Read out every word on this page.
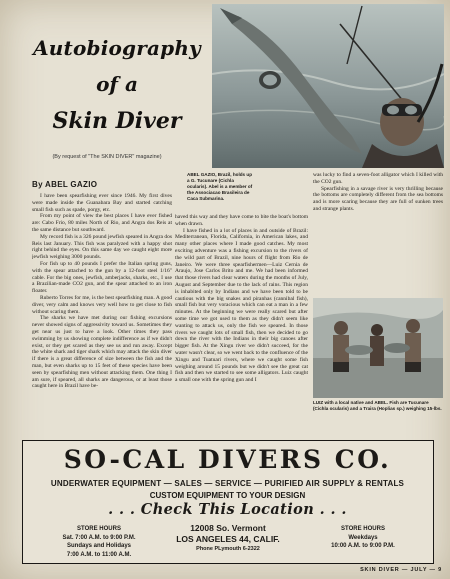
Autobiography
of a
Skin Diver
(By request of "The SKIN DIVER" magazine)
By ABEL GAZIO
ABEL GAZIO, Brazil, holds up a G. Tucunare (Cichla ocularis). Abel is a member of the Associacao Brasileira de Caca Submarina.

I have been spearfishing ever since 1946. My first dives were made inside the Guanabara Bay and started catching small fish such as spade, porgy, etc.

From my point of view the best places I have ever fished are: Cabo Frio, 80 miles North of Rio, and Angra dos Reis at the same distance but southward.

My record fish is a 326 pound jewfish speared in Angra dos Reis last January. This fish was paralyzed with a happy shot right behind the eyes. On this same day we caught eight more jewfish weighing 3000 pounds.

For fish up to 40 pounds I prefer the Italian spring guns, with the spear attached to the gun by a 12-foot steel 1/16" cable. For the big ones, jewfish, amberjacks, sharks, etc., I use a Brazilian-made CO2 gun, and the spear attached to an iron floater.

Ruberto Torres for me, is the best spearfishing man. A good diver, very calm and knows very well how to get close to fish without scaring them.

The sharks we have met during our fishing excursions never showed signs of aggressivity toward us. Sometimes they get near us just to have a look. Other times they pass swimming by us showing complete indifference as if we didn't exist, or they get scared as they see us and run away. Except the white shark and tiger shark which may attack the skin diver if there is a great difference of size between the fish and the man, but even sharks up to 15 feet of these species have been seen by spearfishing men without attacking them. One thing I am sure, if speared, all sharks are dangerous, or at least those caught here in Brazil have be-

haved this way and they have come to bite the boat's bottom when drawn.

I have fished in a lot of places in and outside of Brazil: Mediterranean, Florida, California, in American lakes, and many other places where I made good catches. My most exciting adventure was a fishing excursion to the rivers of the wild part of Brazil, nine hours of flight from Rio de Janeiro. We were three spearfishermen—Luiz Cernia de Araujo, Jose Carlos Brito and me. We had been informed that those rivers had clear waters during the months of July, August and September due to the lack of rains. This region is inhabited only by Indians and we have been told to be cautious with the big snakes and piranhas (cannibal fish), small fish but very voracious which can eat a man in a few minutes. At the beginning we were really scared but after some time we got used to them as they didn't seem like wanting to attack us, only the fish we speared. In those rivers we caught lots of small fish, then we decided to go down the river with the Indians in their big canoes after bigger fish. At the Xingu river we didn't succeed, for the water wasn't clear, so we went back to the confluence of the Xingu and Tuatuari rivers, where we caught some fish weighing around 15 pounds but we didn't see the great cat fish and then we started to see some alligators. Luiz caught a small one with the spring gun and I

was lucky to find a seven-foot alligator which I killed with the CO2 gun.

Spearfishing in a savage river is very thrilling because the bottoms are completely different from the sea bottoms and is more scaring because they are full of sunken trees and strange plants.

LUIZ with a local native and ABEL. Fish are Tucunare (Cichla ocularis) and a Traira (Hoplias sp.) weighing 15-lbs.
SO-CAL DIVERS CO.
UNDERWATER EQUIPMENT — SALES — SERVICE — PURIFIED AIR SUPPLY & RENTALS
CUSTOM EQUIPMENT TO YOUR DESIGN
. . . Check This Location . . .
STORE HOURS
Sat. 7:00 A.M. to 9:00 P.M.
Sundays and Holidays
7:00 A.M. to 11:00 A.M.
12008 So. Vermont
LOS ANGELES 44, CALIF.
Phone PLymouth 6-2322
STORE HOURS
Weekdays
10:00 A.M. to 9:00 P.M.
SKIN DIVER — JULY — 9
